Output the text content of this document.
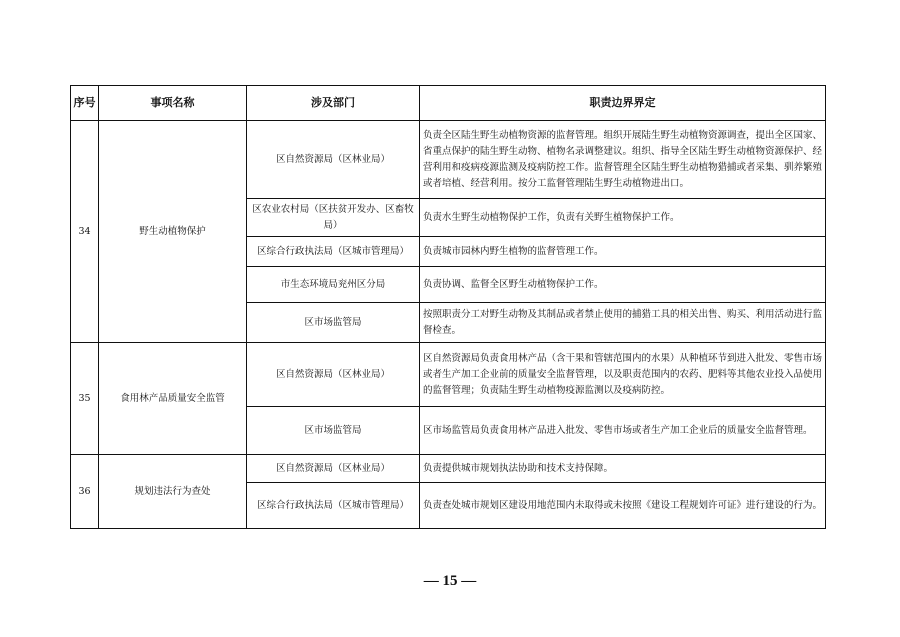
序号	事项名称	涉及部门	职责边界界定
34	野生动植物保护	区自然资源局（区林业局）	负责全区陆生野生动植物资源的监督管理。组织开展陆生野生动植物资源调查，提出全区国家、省重点保护的陆生野生动物、植物名录调整建议。组织、指导全区陆生野生动植物资源保护、经营利用和疫病疫源监测及疫病防控工作。监督管理全区陆生野生动植物猎捕或者采集、驯养繁殖或者培植、经营利用。按分工监督管理陆生野生动植物进出口。
		区农业农村局（区扶贫开发办、区畜牧局）	负责水生野生动植物保护工作，负责有关野生植物保护工作。
		区综合行政执法局（区城市管理局）	负责城市园林内野生植物的监督管理工作。
		市生态环境局兖州区分局	负责协调、监督全区野生动植物保护工作。
		区市场监管局	按照职责分工对野生动物及其制品或者禁止使用的捕猎工具的相关出售、购买、利用活动进行监督检查。
35	食用林产品质量安全监管	区自然资源局（区林业局）	区自然资源局负责食用林产品（含干果和管辖范围内的水果）从种植环节到进入批发、零售市场或者生产加工企业前的质量安全监督管理，以及职责范围内的农药、肥料等其他农业投入品使用的监督管理；负责陆生野生动植物疫源监测以及疫病防控。
		区市场监管局	区市场监管局负责食用林产品进入批发、零售市场或者生产加工企业后的质量安全监督管理。
36	规划违法行为查处	区自然资源局（区林业局）	负责提供城市规划执法协助和技术支持保障。
		区综合行政执法局（区城市管理局）	负责查处城市规划区建设用地范围内未取得或未按照《建设工程规划许可证》进行建设的行为。
— 15 —
